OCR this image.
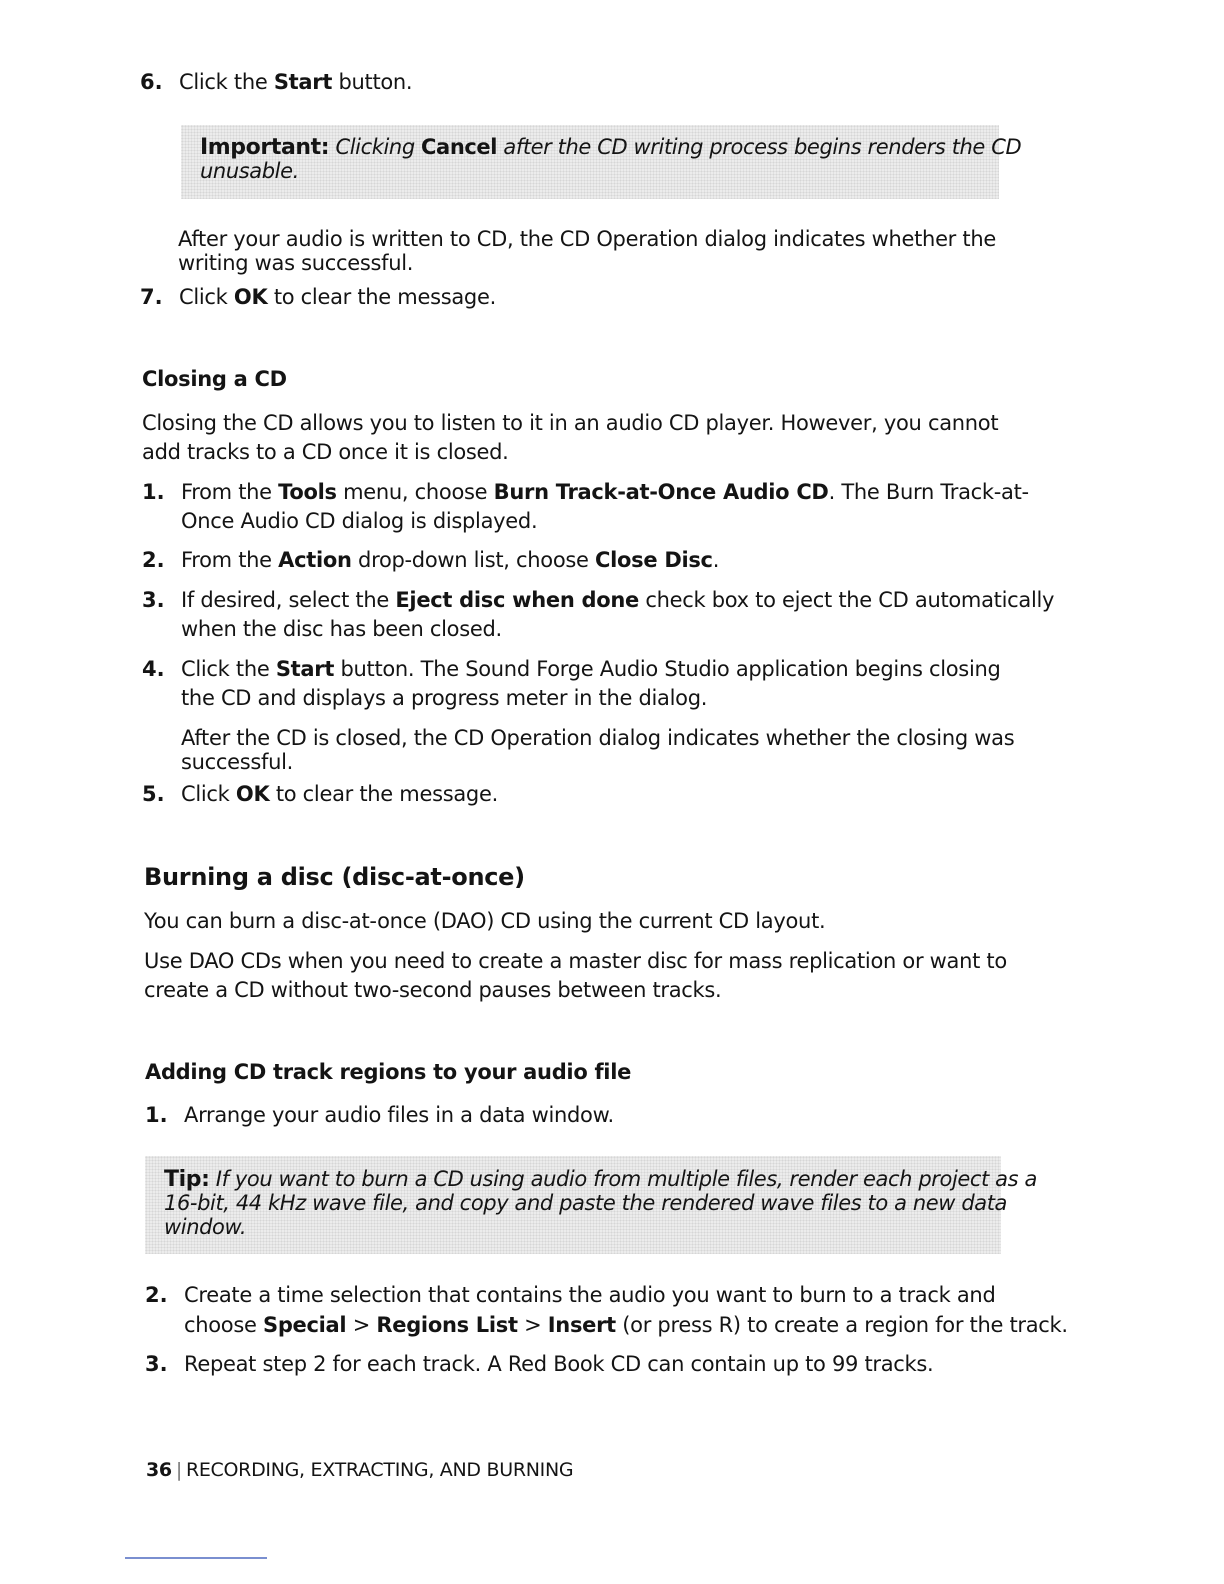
6. Click the Start button.
Important: Clicking Cancel after the CD writing process begins renders the CD
unusable.
After your audio is written to CD, the CD Operation dialog indicates whether the
writing was successful.
7. Click OK to clear the message.
Closing a CD
Closing the CD allows you to listen to it in an audio CD player. However, you cannot
add tracks to a CD once it is closed.
1. From the Tools menu, choose Burn Track-at-Once Audio CD. The Burn Track-at-
Once Audio CD dialog is displayed.
2. From the Action drop-down list, choose Close Disc.
3. If desired, select the Eject disc when done check box to eject the CD automatically
when the disc has been closed.
4. Click the Start button. The Sound Forge Audio Studio application begins closing
the CD and displays a progress meter in the dialog.
After the CD is closed, the CD Operation dialog indicates whether the closing was
successful.
5. Click OK to clear the message.
Burning a disc (disc-at-once)
You can burn a disc-at-once (DAO) CD using the current CD layout.
Use DAO CDs when you need to create a master disc for mass replication or want to
create a CD without two-second pauses between tracks.
Adding CD track regions to your audio file
1. Arrange your audio files in a data window.
Tip: If you want to burn a CD using audio from multiple files, render each project as a
16-bit, 44 kHz wave file, and copy and paste the rendered wave files to a new data
window.
2. Create a time selection that contains the audio you want to burn to a track and
choose Special > Regions List > Insert (or press R) to create a region for the track.
3. Repeat step 2 for each track. A Red Book CD can contain up to 99 tracks.
36 | RECORDING, EXTRACTING, AND BURNING
